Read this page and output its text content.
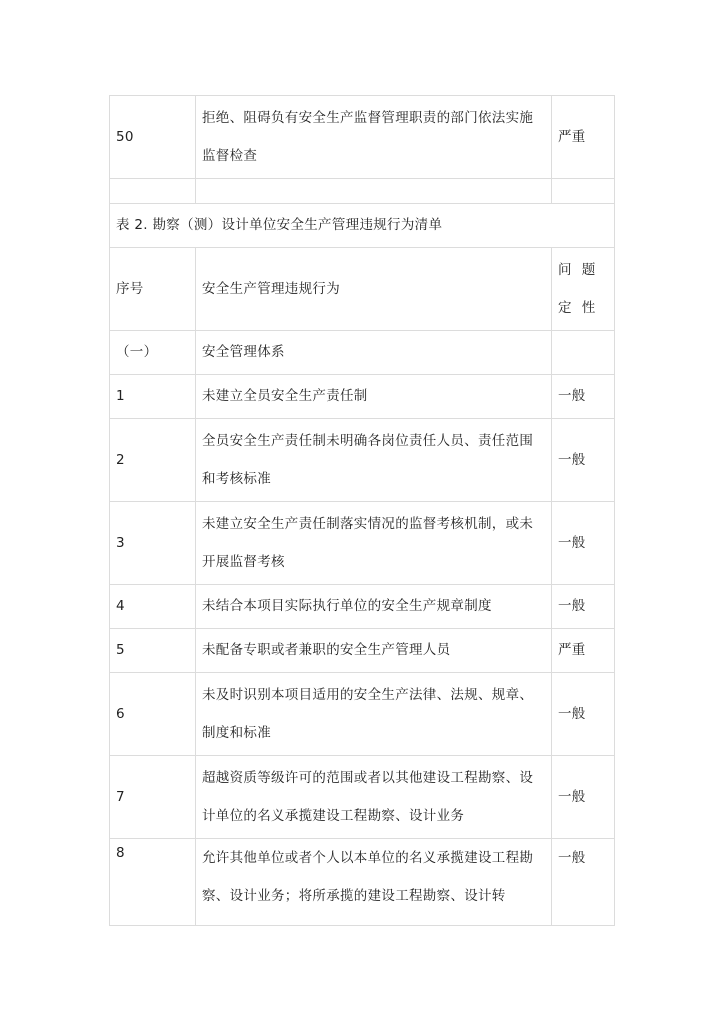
50	拒绝、阻碍负有安全生产监督管理职责的部门依法实施监督检查	严重

表 2. 勘察（测）设计单位安全生产管理违规行为清单		
序号	安全生产管理违规行为	问 题 定 性
（一）	安全管理体系	
1	未建立全员安全生产责任制	一般
2	全员安全生产责任制未明确各岗位责任人员、责任范围和考核标准	一般
3	未建立安全生产责任制落实情况的监督考核机制，或未开展监督考核	一般
4	未结合本项目实际执行单位的安全生产规章制度	一般
5	未配备专职或者兼职的安全生产管理人员	严重
6	未及时识别本项目适用的安全生产法律、法规、规章、制度和标准	一般
7	超越资质等级许可的范围或者以其他建设工程勘察、设计单位的名义承揽建设工程勘察、设计业务	一般
8	允许其他单位或者个人以本单位的名义承揽建设工程勘察、设计业务；将所承揽的建设工程勘察、设计转	一般
